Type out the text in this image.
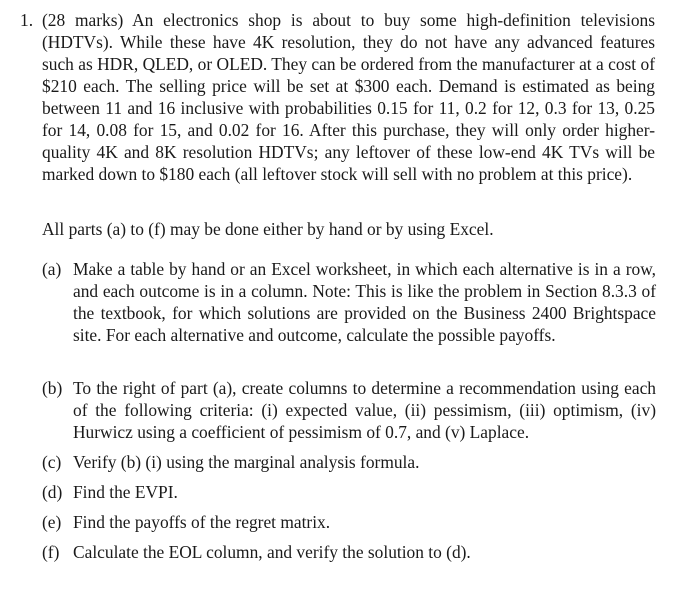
1. (28 marks) An electronics shop is about to buy some high-definition televisions (HDTVs). While these have 4K resolution, they do not have any advanced features such as HDR, QLED, or OLED. They can be ordered from the manufacturer at a cost of $210 each. The selling price will be set at $300 each. Demand is estimated as being between 11 and 16 inclusive with probabilities 0.15 for 11, 0.2 for 12, 0.3 for 13, 0.25 for 14, 0.08 for 15, and 0.02 for 16. After this purchase, they will only order higher-quality 4K and 8K resolution HDTVs; any leftover of these low-end 4K TVs will be marked down to $180 each (all leftover stock will sell with no problem at this price).
All parts (a) to (f) may be done either by hand or by using Excel.
(a) Make a table by hand or an Excel worksheet, in which each alternative is in a row, and each outcome is in a column. Note: This is like the problem in Section 8.3.3 of the textbook, for which solutions are provided on the Business 2400 Brightspace site. For each alternative and outcome, calculate the possible payoffs.
(b) To the right of part (a), create columns to determine a recommendation using each of the following criteria: (i) expected value, (ii) pessimism, (iii) optimism, (iv) Hurwicz using a coefficient of pessimism of 0.7, and (v) Laplace.
(c) Verify (b) (i) using the marginal analysis formula.
(d) Find the EVPI.
(e) Find the payoffs of the regret matrix.
(f) Calculate the EOL column, and verify the solution to (d).
